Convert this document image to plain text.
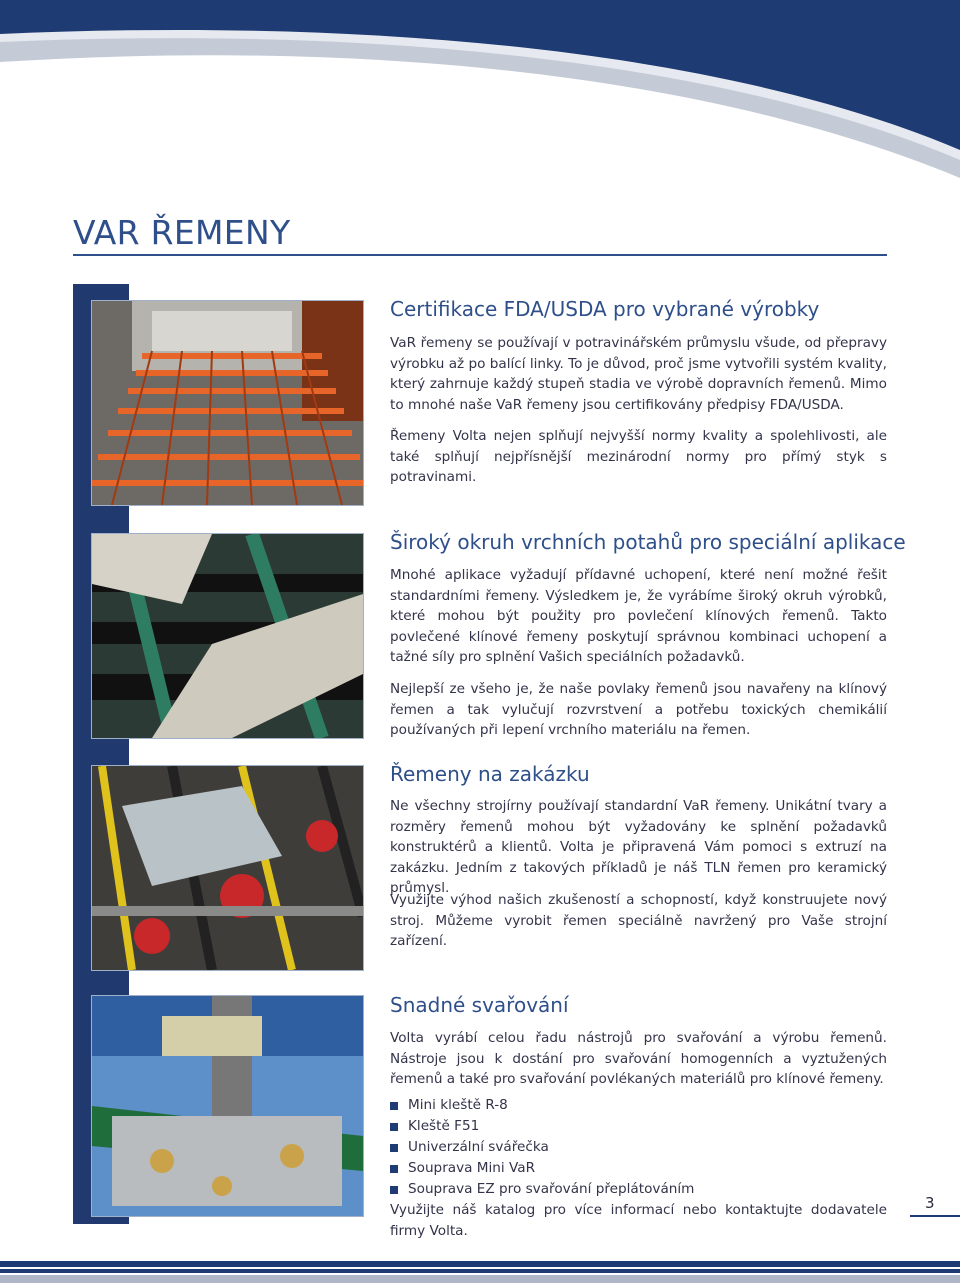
VAR ŘEMENY
Certifikace FDA/USDA pro vybrané výrobky

VaR řemeny se používají v potravinářském průmyslu všude, od přepravy výrobku až po balící linky. To je důvod, proč jsme vytvořili systém kvality, který zahrnuje každý stupeň stadia ve výrobě dopravních řemenů. Mimo to mnohé naše VaR řemeny jsou certifikovány předpisy FDA/USDA.

Řemeny Volta nejen splňují nejvyšší normy kvality a spolehlivosti, ale také splňují nejpřísnější mezinárodní normy pro přímý styk s potravinami.

Široký okruh vrchních potahů pro speciální aplikace

Mnohé aplikace vyžadují přídavné uchopení, které není možné řešit standardními řemeny. Výsledkem je, že vyrábíme široký okruh výrobků, které mohou být použity pro povlečení klínových řemenů. Takto povlečené klínové řemeny poskytují správnou kombinaci uchopení a tažné síly pro splnění Vašich speciálních požadavků.

Nejlepší ze všeho je, že naše povlaky řemenů jsou navařeny na klínový řemen a tak vylučují rozvrstvení a potřebu toxických chemikálií používaných při lepení vrchního materiálu na řemen.

Řemeny na zakázku

Ne všechny strojírny používají standardní VaR řemeny. Unikátní tvary a rozměry řemenů mohou být vyžadovány ke splnění požadavků konstruktérů a klientů. Volta je připravená Vám pomoci s extruzí na zakázku. Jedním z takových příkladů je náš TLN řemen pro keramický průmysl.

Využijte výhod našich zkušeností a schopností, když konstruujete nový stroj. Můžeme vyrobit řemen speciálně navržený pro Vaše strojní zařízení.

Snadné svařování

Volta vyrábí celou řadu nástrojů pro svařování a výrobu řemenů. Nástroje jsou k dostání pro svařování homogenních a vyztužených řemenů a také pro svařování povlékaných materiálů pro klínové řemeny.

Mini kleště R-8
Kleště F51
Univerzální svářečka
Souprava Mini VaR
Souprava EZ pro svařování přeplátováním

Využijte náš katalog pro více informací nebo kontaktujte dodavatele firmy Volta.

3
